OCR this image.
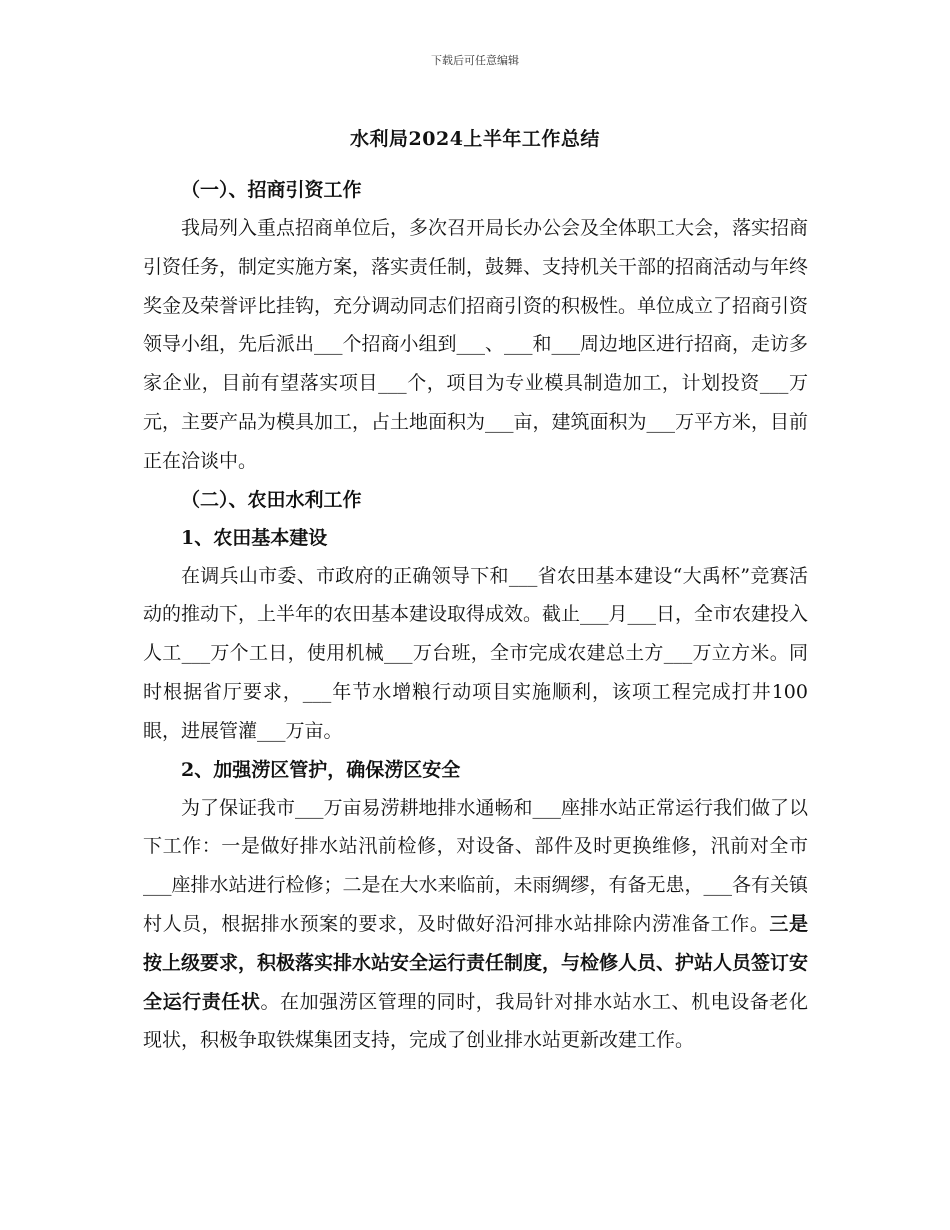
下载后可任意编辑
水利局2024上半年工作总结
（一）、招商引资工作

我局列入重点招商单位后，多次召开局长办公会及全体职工大会，落实招商引资任务，制定实施方案，落实责任制，鼓舞、支持机关干部的招商活动与年终奖金及荣誉评比挂钩，充分调动同志们招商引资的积极性。单位成立了招商引资领导小组，先后派出___个招商小组到___、___和___周边地区进行招商，走访多家企业，目前有望落实项目___个，项目为专业模具制造加工，计划投资___万元，主要产品为模具加工，占土地面积为___亩，建筑面积为___万平方米，目前正在洽谈中。

（二）、农田水利工作
1、农田基本建设

在调兵山市委、市政府的正确领导下和___省农田基本建设“大禹杯”竞赛活动的推动下，上半年的农田基本建设取得成效。截止___月___日，全市农建投入人工___万个工日，使用机械___万台班，全市完成农建总土方___万立方米。同时根据省厅要求，___年节水增粮行动项目实施顺利，该项工程完成打井100眼，进展管灌___万亩。

2、加强涝区管护，确保涝区安全

为了保证我市___万亩易涝耕地排水通畅和___座排水站正常运行我们做了以下工作：一是做好排水站汛前检修，对设备、部件及时更换维修，汛前对全市___座排水站进行检修；二是在大水来临前，未雨绸缪，有备无患，___各有关镇村人员，根据排水预案的要求，及时做好沿河排水站排除内涝准备工作。三是按上级要求，积极落实排水站安全运行责任制度，与检修人员、护站人员签订安全运行责任状。在加强涝区管理的同时，我局针对排水站水工、机电设备老化现状，积极争取铁煤集团支持，完成了创业排水站更新改建工作。
